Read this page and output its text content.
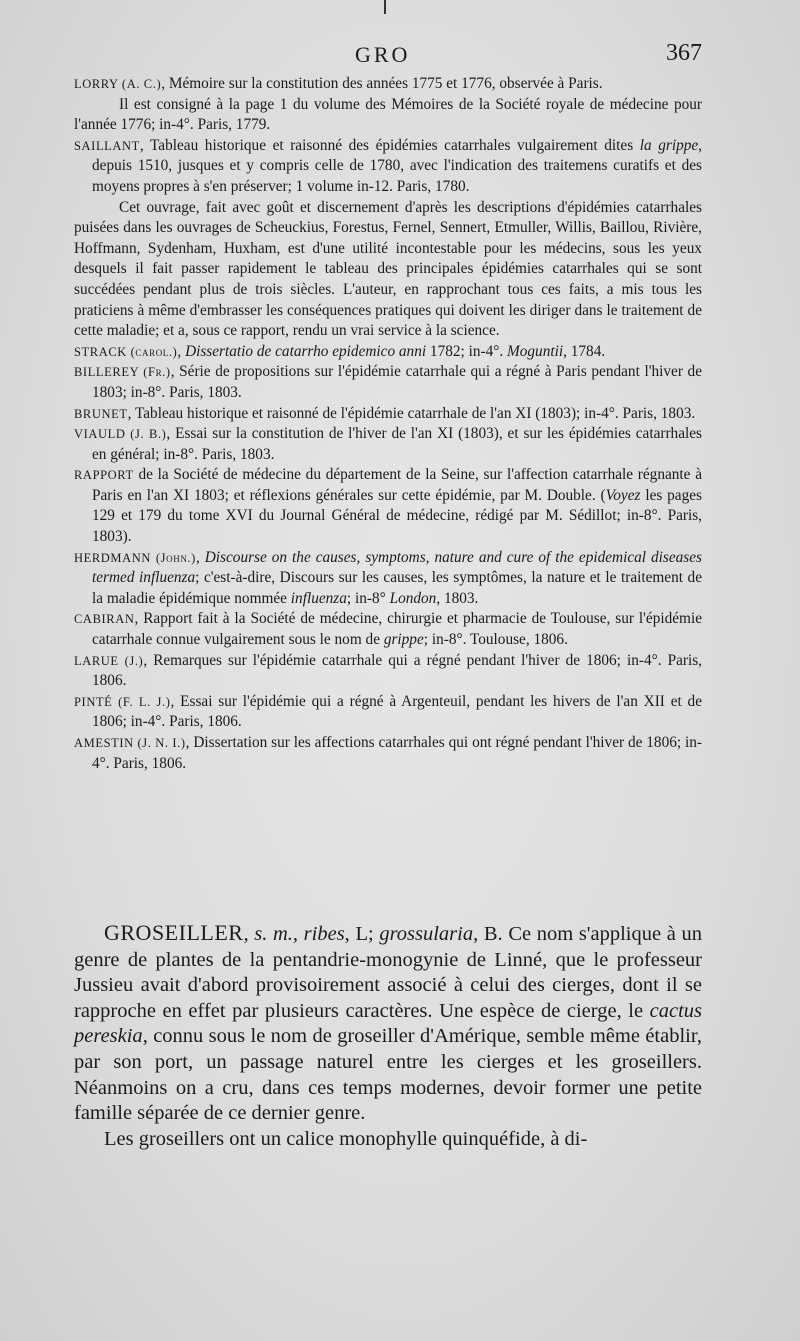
GRO	367

LORRY (A. C.), Mémoire sur la constitution des années 1775 et 1776, observée à Paris.

Il est consigné à la page 1 du volume des Mémoires de la Société royale de médecine pour l'année 1776; in-4°. Paris, 1779.

SAILLANT, Tableau historique et raisonné des épidémies catarrhales vulgairement dites la grippe, depuis 1510, jusques et y compris celle de 1780, avec l'indication des traitemens curatifs et des moyens propres à s'en préserver; 1 volume in-12. Paris, 1780.

Cet ouvrage, fait avec goût et discernement d'après les descriptions d'épidémies catarrhales puisées dans les ouvrages de Scheuckius, Forestus, Fernel, Sennert, Etmuller, Willis, Baillou, Rivière, Hoffmann, Sydenham, Huxham, est d'une utilité incontestable pour les médecins, sous les yeux desquels il fait passer rapidement le tableau des principales épidémies catarrhales qui se sont succédées pendant plus de trois siècles. L'auteur, en rapprochant tous ces faits, a mis tous les praticiens à même d'embrasser les conséquences pratiques qui doivent les diriger dans le traitement de cette maladie; et a, sous ce rapport, rendu un vrai service à la science.

STRACK (carol.), Dissertatio de catarrho epidemico anni 1782; in-4°. Moguntii, 1784.

BILLEREY (Fr.), Série de propositions sur l'épidémie catarrhale qui a régné à Paris pendant l'hiver de 1803; in-8°. Paris, 1803.

BRUNET, Tableau historique et raisonné de l'épidémie catarrhale de l'an XI (1803); in-4°. Paris, 1803.

VIAULD (J. B.), Essai sur la constitution de l'hiver de l'an XI (1803), et sur les épidémies catarrhales en général; in-8°. Paris, 1803.

RAPPORT de la Société de médecine du département de la Seine, sur l'affection catarrhale régnante à Paris en l'an XI 1803; et réflexions générales sur cette épidémie, par M. Double. (Voyez les pages 129 et 179 du tome XVI du Journal Général de médecine, rédigé par M. Sédillot; in-8°. Paris, 1803).

HERDMANN (John.), Discourse on the causes, symptoms, nature and cure of the epidemical diseases termed influenza; c'est-à-dire, Discours sur les causes, les symptômes, la nature et le traitement de la maladie épidémique nommée influenza; in-8° London, 1803.

CABIRAN, Rapport fait à la Société de médecine, chirurgie et pharmacie de Toulouse, sur l'épidémie catarrhale connue vulgairement sous le nom de grippe; in-8°. Toulouse, 1806.

LARUE (J.), Remarques sur l'épidémie catarrhale qui a régné pendant l'hiver de 1806; in-4°. Paris, 1806.

PINTÉ (F. L. J.), Essai sur l'épidémie qui a régné à Argenteuil, pendant les hivers de l'an XII et de 1806; in-4°. Paris, 1806.

AMESTIN (J. N. I.), Dissertation sur les affections catarrhales qui ont régné pendant l'hiver de 1806; in-4°. Paris, 1806.

GROSEILLER, s. m., ribes, L; grossularia, B. Ce nom s'applique à un genre de plantes de la pentandrie-monogynie de Linné, que le professeur Jussieu avait d'abord provisoirement associé à celui des cierges, dont il se rapproche en effet par plusieurs caractères. Une espèce de cierge, le cactus pereskia, connu sous le nom de groseiller d'Amérique, semble même établir, par son port, un passage naturel entre les cierges et les groseillers. Néanmoins on a cru, dans ces temps modernes, devoir former une petite famille séparée de ce dernier genre.

Les groseillers ont un calice monophylle quinquéfide, à di-
